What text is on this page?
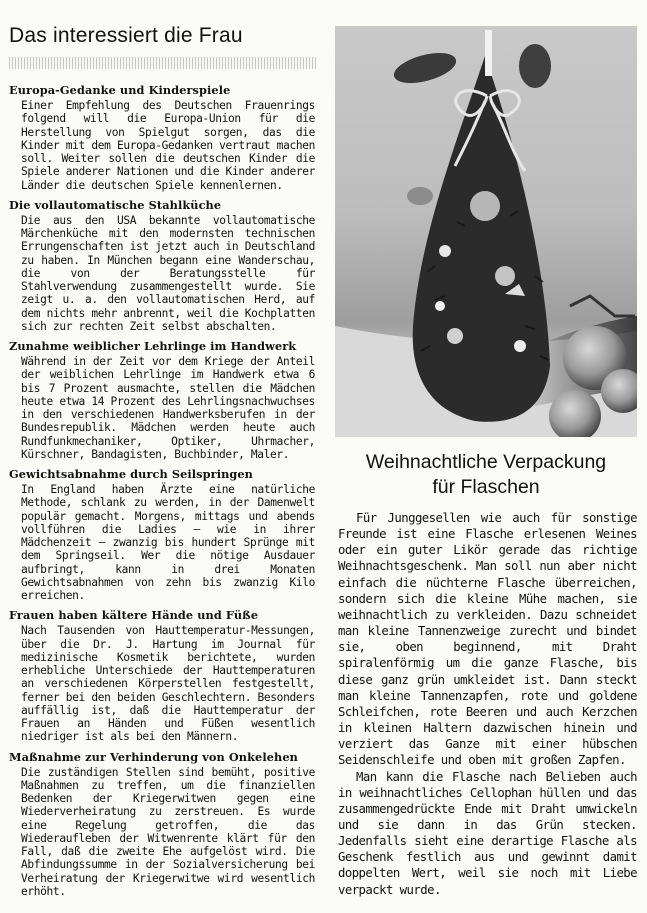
Das interessiert die Frau
Europa-Gedanke und Kinderspiele

Einer Empfehlung des Deutschen Frauenrings folgend will die Europa-Union für die Herstellung von Spielgut sorgen, das die Kinder mit dem Europa-Gedanken vertraut machen soll. Weiter sollen die deutschen Kinder die Spiele anderer Nationen und die Kinder anderer Länder die deutschen Spiele kennenlernen.

Die vollautomatische Stahlküche

Die aus den USA bekannte vollautomatische Märchenküche mit den modernsten technischen Errungenschaften ist jetzt auch in Deutschland zu haben. In München begann eine Wanderschau, die von der Beratungsstelle für Stahlverwendung zusammengestellt wurde. Sie zeigt u. a. den vollautomatischen Herd, auf dem nichts mehr anbrennt, weil die Kochplatten sich zur rechten Zeit selbst abschalten.

Zunahme weiblicher Lehrlinge im Handwerk

Während in der Zeit vor dem Kriege der Anteil der weiblichen Lehrlinge im Handwerk etwa 6 bis 7 Prozent ausmachte, stellen die Mädchen heute etwa 14 Prozent des Lehrlingsnachwuchses in den verschiedenen Handwerksberufen in der Bundesrepublik. Mädchen werden heute auch Rundfunkmechaniker, Optiker, Uhrmacher, Kürschner, Bandagisten, Buchbinder, Maler.

Gewichtsabnahme durch Seilspringen

In England haben Ärzte eine natürliche Methode, schlank zu werden, in der Damenwelt populär gemacht. Morgens, mittags und abends vollführen die Ladies — wie in ihrer Mädchenzeit — zwanzig bis hundert Sprünge mit dem Springseil. Wer die nötige Ausdauer aufbringt, kann in drei Monaten Gewichtsabnahmen von zehn bis zwanzig Kilo erreichen.

Frauen haben kältere Hände und Füße

Nach Tausenden von Hauttemperatur-Messungen, über die Dr. J. Hartung im Journal für medizinische Kosmetik berichtete, wurden erhebliche Unterschiede der Hauttemperaturen an verschiedenen Körperstellen festgestellt, ferner bei den beiden Geschlechtern. Besonders auffällig ist, daß die Hauttemperatur der Frauen an Händen und Füßen wesentlich niedriger ist als bei den Männern.

Maßnahme zur Verhinderung von Onkelehen

Die zuständigen Stellen sind bemüht, positive Maßnahmen zu treffen, um die finanziellen Bedenken der Kriegerwitwen gegen eine Wiederverheiratung zu zerstreuen. Es wurde eine Regelung getroffen, die das Wiederaufleben der Witwenrente klärt für den Fall, daß die zweite Ehe aufgelöst wird. Die Abfindungssumme in der Sozialversicherung bei Verheiratung der Kriegerwitwe wird wesentlich erhöht.

Weihnachtliche Verpackung
für Flaschen

Für Junggesellen wie auch für sonstige Freunde ist eine Flasche erlesenen Weines oder ein guter Likör gerade das richtige Weihnachtsgeschenk. Man soll nun aber nicht einfach die nüchterne Flasche überreichen, sondern sich die kleine Mühe machen, sie weihnachtlich zu verkleiden. Dazu schneidet man kleine Tannenzweige zurecht und bindet sie, oben beginnend, mit Draht spiralenförmig um die ganze Flasche, bis diese ganz grün umkleidet ist. Dann steckt man kleine Tannenzapfen, rote und goldene Schleifchen, rote Beeren und auch Kerzchen in kleinen Haltern dazwischen hinein und verziert das Ganze mit einer hübschen Seidenschleife und oben mit großen Zapfen.

Man kann die Flasche nach Belieben auch in weihnachtliches Cellophan hüllen und das zusammengedrückte Ende mit Draht umwickeln und sie dann in das Grün stecken. Jedenfalls sieht eine derartige Flasche als Geschenk festlich aus und gewinnt damit doppelten Wert, weil sie noch mit Liebe verpackt wurde.
